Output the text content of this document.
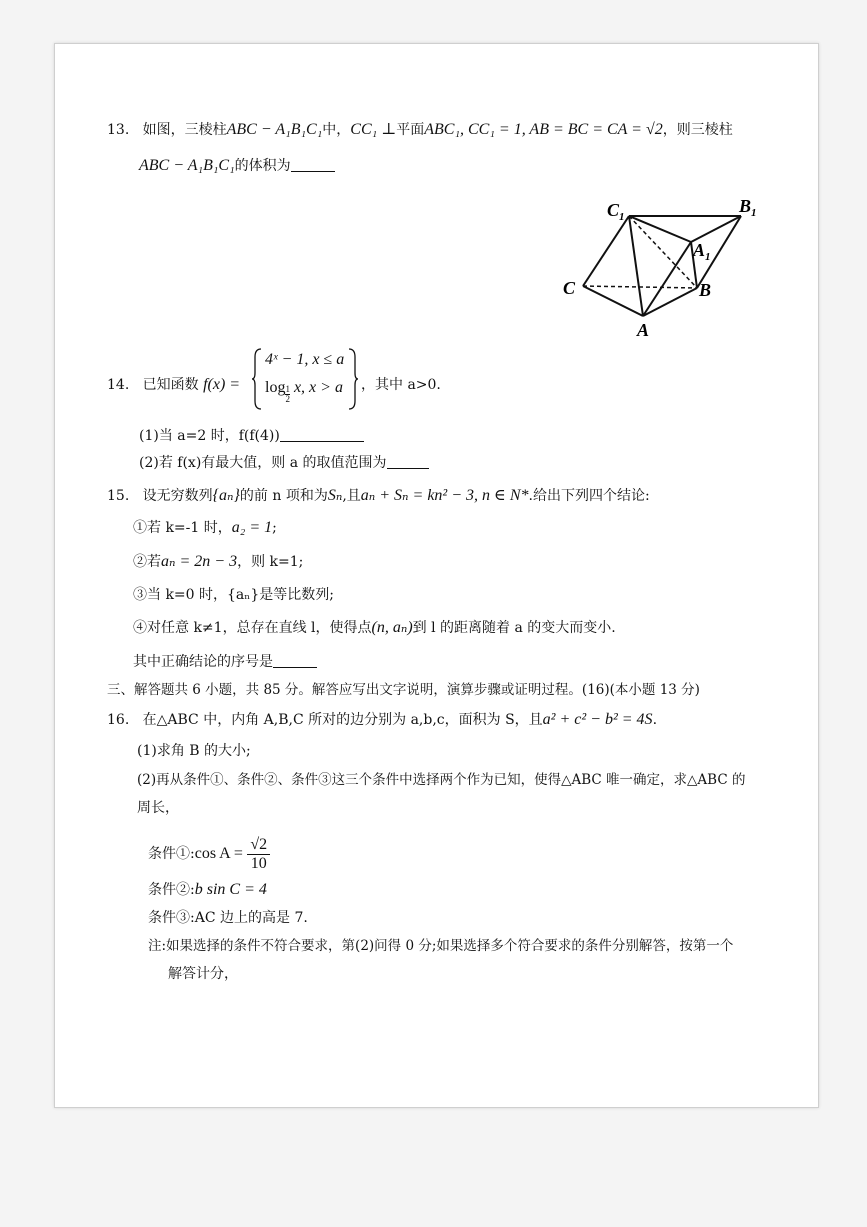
13. 如图，三棱柱ABC − A₁B₁C₁中，CC₁ ⊥平面ABC₁, CC₁ = 1, AB = BC = CA = √2，则三棱柱
ABC − A₁B₁C₁的体积为
$C_1$
$B_1$
$A_1$
C	B
A
14. 已知函数 f(x) =
4ˣ − 1, x ≤ a
$\log \frac{1}{2} x$, x > a ，其中 a>0.
(1)当 a=2 时，f(f(4))
(2)若 f(x)有最大值，则 a 的取值范围为
15. 设无穷数列{aₙ}的前 n 项和为Sₙ,且aₙ + Sₙ = kn² − 3, n ∈ N*.给出下列四个结论:
①若 k=-1 时，a₂ = 1;
②若aₙ = 2n − 3，则 k=1;
③当 k=0 时，{aₙ}是等比数列;
④对任意 k≠1，总存在直线 l，使得点(n, aₙ)到 l 的距离随着 a 的变大而变小.
其中正确结论的序号是
三、解答题共 6 小题，共 85 分。解答应写出文字说明，演算步骤或证明过程。(16)(本小题 13 分)
16. 在△ABC 中，内角 A,B,C 所对的边分别为 a,b,c，面积为 S，且a² + c² − b² = 4S.
(1)求角 B 的大小;
(2)再从条件①、条件②、条件③这三个条件中选择两个作为已知，使得△ABC 唯一确定，求△ABC 的
周长，
条件①:cos $A = \frac{√2}{10}$
条件②:b sin C = 4
条件③:AC 边上的高是 7.
注:如果选择的条件不符合要求，第(2)问得 0 分;如果选择多个符合要求的条件分别解答，按第一个
解答计分，
